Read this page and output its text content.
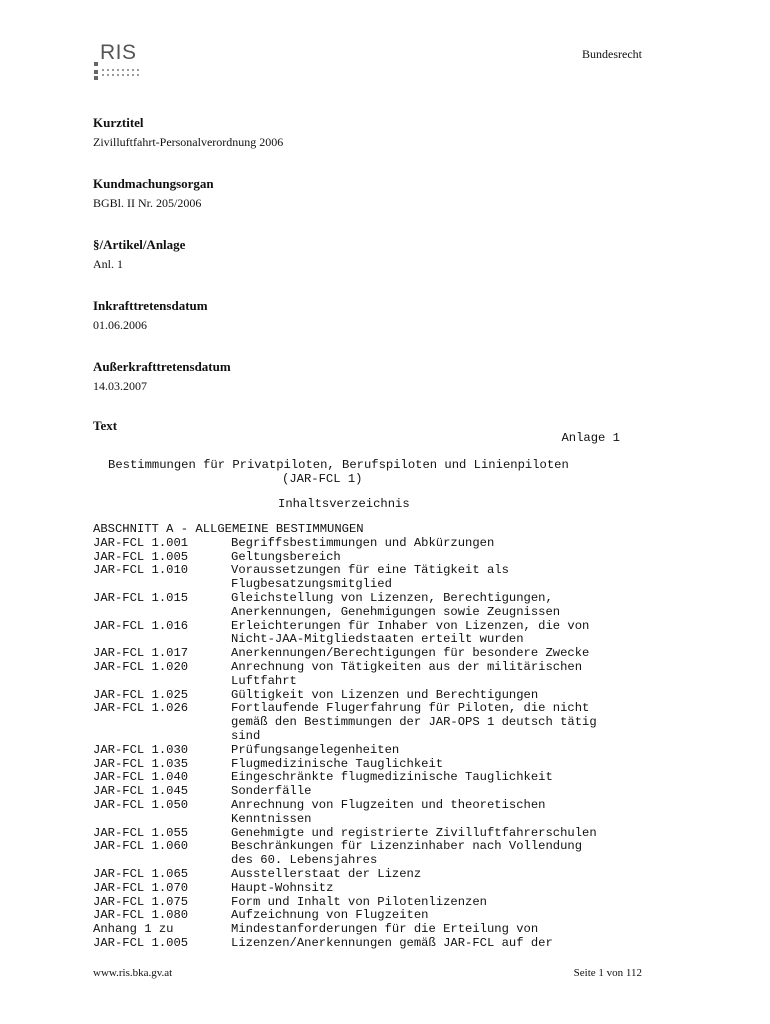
RIS	Bundesrecht
Kurztitel
Zivilluftfahrt-Personalverordnung 2006
Kundmachungsorgan
BGBl. II Nr. 205/2006
§/Artikel/Anlage
Anl. 1
Inkrafttretensdatum
01.06.2006
Außerkrafttretensdatum
14.03.2007
Text
Anlage 1
Bestimmungen für Privatpiloten, Berufspiloten und Linienpiloten
(JAR-FCL 1)
Inhaltsverzeichnis
ABSCHNITT A - ALLGEMEINE BESTIMMUNGEN
JAR-FCL 1.001	Begriffsbestimmungen und Abkürzungen
JAR-FCL 1.005	Geltungsbereich
JAR-FCL 1.010	Voraussetzungen für eine Tätigkeit als
Flugbesatzungsmitglied
JAR-FCL 1.015	Gleichstellung von Lizenzen, Berechtigungen,
Anerkennungen, Genehmigungen sowie Zeugnissen
JAR-FCL 1.016	Erleichterungen für Inhaber von Lizenzen, die von
Nicht-JAA-Mitgliedstaaten erteilt wurden
JAR-FCL 1.017	Anerkennungen/Berechtigungen für besondere Zwecke
JAR-FCL 1.020	Anrechnung von Tätigkeiten aus der militärischen
Luftfahrt
JAR-FCL 1.025	Gültigkeit von Lizenzen und Berechtigungen
JAR-FCL 1.026	Fortlaufende Flugerfahrung für Piloten, die nicht
gemäß den Bestimmungen der JAR-OPS 1 deutsch tätig
sind
JAR-FCL 1.030	Prüfungsangelegenheiten
JAR-FCL 1.035	Flugmedizinische Tauglichkeit
JAR-FCL 1.040	Eingeschränkte flugmedizinische Tauglichkeit
JAR-FCL 1.045	Sonderfälle
JAR-FCL 1.050	Anrechnung von Flugzeiten und theoretischen
Kenntnissen
JAR-FCL 1.055	Genehmigte und registrierte Zivilluftfahrerschulen
JAR-FCL 1.060	Beschränkungen für Lizenzinhaber nach Vollendung
des 60. Lebensjahres
JAR-FCL 1.065	Ausstellerstaat der Lizenz
JAR-FCL 1.070	Haupt-Wohnsitz
JAR-FCL 1.075	Form und Inhalt von Pilotenlizenzen
JAR-FCL 1.080	Aufzeichnung von Flugzeiten
Anhang 1 zu	Mindestanforderungen für die Erteilung von
JAR-FCL 1.005	Lizenzen/Anerkennungen gemäß JAR-FCL auf der
www.ris.bka.gv.at	Seite 1 von 112
